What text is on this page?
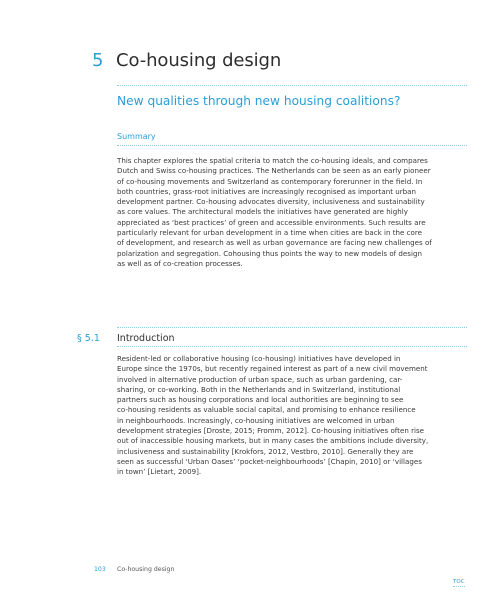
5 Co-housing design
New qualities through new housing coalitions?
Summary

This chapter explores the spatial criteria to match the co-housing ideals, and compares

Dutch and Swiss co-housing practices. The Netherlands can be seen as an early pioneer

of co-housing movements and Switzerland as contemporary forerunner in the field. In

both countries, grass-root initiatives are increasingly recognised as important urban

development partner. Co-housing advocates diversity, inclusiveness and sustainability

as core values. The architectural models the initiatives have generated are highly

appreciated as ‘best practices’ of green and accessible environments. Such results are

particularly relevant for urban development in a time when cities are back in the core

of development, and research as well as urban governance are facing new challenges of

polarization and segregation. Cohousing thus points the way to new models of design

as well as of co-creation processes.

§ 5.1 Introduction

Resident-led or collaborative housing (co-housing) initiatives have developed in

Europe since the 1970s, but recently regained interest as part of a new civil movement

involved in alternative production of urban space, such as urban gardening, car-

sharing, or co-working. Both in the Netherlands and in Switzerland, institutional

partners such as housing corporations and local authorities are beginning to see

co-housing residents as valuable social capital, and promising to enhance resilience

in neighbourhoods. Increasingly, co-housing initiatives are welcomed in urban

development strategies [Droste, 2015; Fromm, 2012]. Co-housing initiatives often rise

out of inaccessible housing markets, but in many cases the ambitions include diversity,

inclusiveness and sustainability [Krokfors, 2012, Vestbro, 2010]. Generally they are

seen as successful ‘Urban Oases’ ‘pocket-neighbourhoods’ [Chapin, 2010] or ‘villages

in town’ [Lietart, 2009].

103 Co-housing design
TOC
